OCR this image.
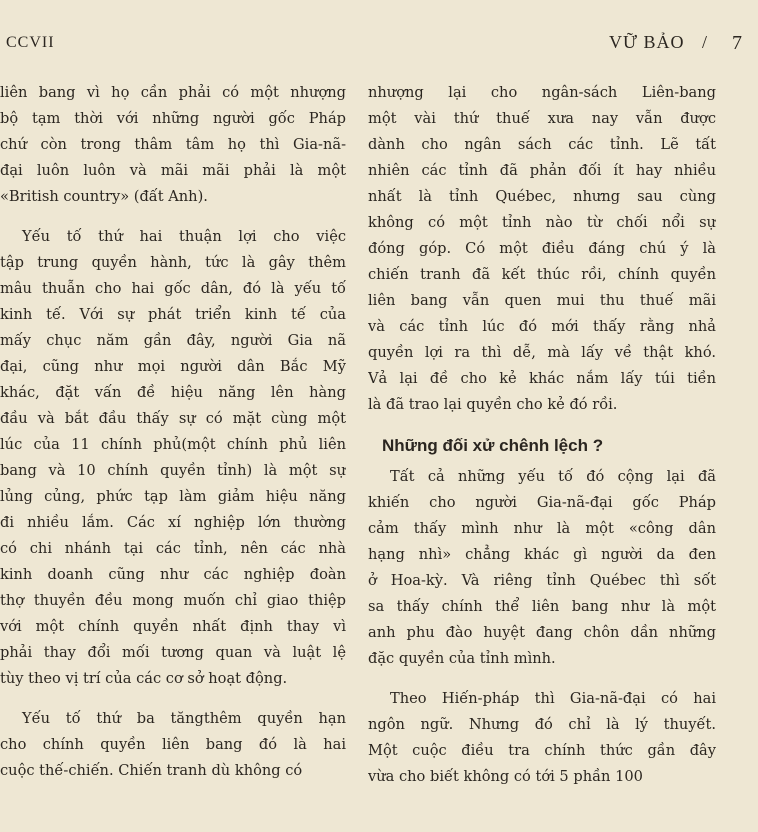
CCVII	VỮ BẢO / 7
liên bang vì họ cần phải có một nhượng
bộ tạm thời với những người gốc Pháp
chứ còn trong thâm tâm họ thì Gia-nã-
đại luôn luôn và mãi mãi phải là một
«British country» (đất Anh).
Yếu tố thứ hai thuận lợi cho việc
tập trung quyền hành, tức là gây thêm
mâu thuẫn cho hai gốc dân, đó là yếu tố
kinh tế. Với sự phát triển kinh tế của
mấy chục năm gần đây, người Gia nã
đại, cũng như mọi người dân Bắc Mỹ
khác, đặt vấn đề hiệu năng lên hàng
đầu và bắt đầu thấy sự có mặt cùng một
lúc của 11 chính phủ(một chính phủ liên
bang và 10 chính quyền tỉnh) là một sự
lủng củng, phức tạp làm giảm hiệu năng
đi nhiều lắm. Các xí nghiệp lớn thường
có chi nhánh tại các tỉnh, nên các nhà
kinh doanh cũng như các nghiệp đoàn
thợ thuyền đều mong muốn chỉ giao thiệp
với một chính quyền nhất định thay vì
phải thay đổi mối tương quan và luật lệ
tùy theo vị trí của các cơ sở hoạt động.
Yếu tố thứ ba tăngthêm quyền hạn
cho chính quyền liên bang đó là hai
cuộc thế-chiến. Chiến tranh dù không có
nhượng lại cho ngân-sách Liên-bang
một vài thứ thuế xưa nay vẫn được
dành cho ngân sách các tỉnh. Lẽ tất
nhiên các tỉnh đã phản đối ít hay nhiều
nhất là tỉnh Québec, nhưng sau cùng
không có một tỉnh nào từ chối nổi sự
đóng góp. Có một điều đáng chú ý là
chiến tranh đã kết thúc rồi, chính quyền
liên bang vẫn quen mui thu thuế mãi
và các tỉnh lúc đó mới thấy rằng nhả
quyền lợi ra thì dễ, mà lấy về thật khó.
Vả lại đề cho kẻ khác nắm lấy túi tiền
là đã trao lại quyền cho kẻ đó rồi.
Những đối xử chênh lệch ?
Tất cả những yếu tố đó cộng lại đã
khiến cho người Gia-nã-đại gốc Pháp
cảm thấy mình như là một «công dân
hạng nhì» chẳng khác gì người da đen
ở Hoa-kỳ. Và riêng tỉnh Québec thì sốt
sa thấy chính thể liên bang như là một
anh phu đào huyệt đang chôn dần những
đặc quyền của tỉnh mình.
Theo Hiến-pháp thì Gia-nã-đại có hai
ngôn ngữ. Nhưng đó chỉ là lý thuyết.
Một cuộc điều tra chính thức gần đây
vừa cho biết không có tới 5 phần 100
